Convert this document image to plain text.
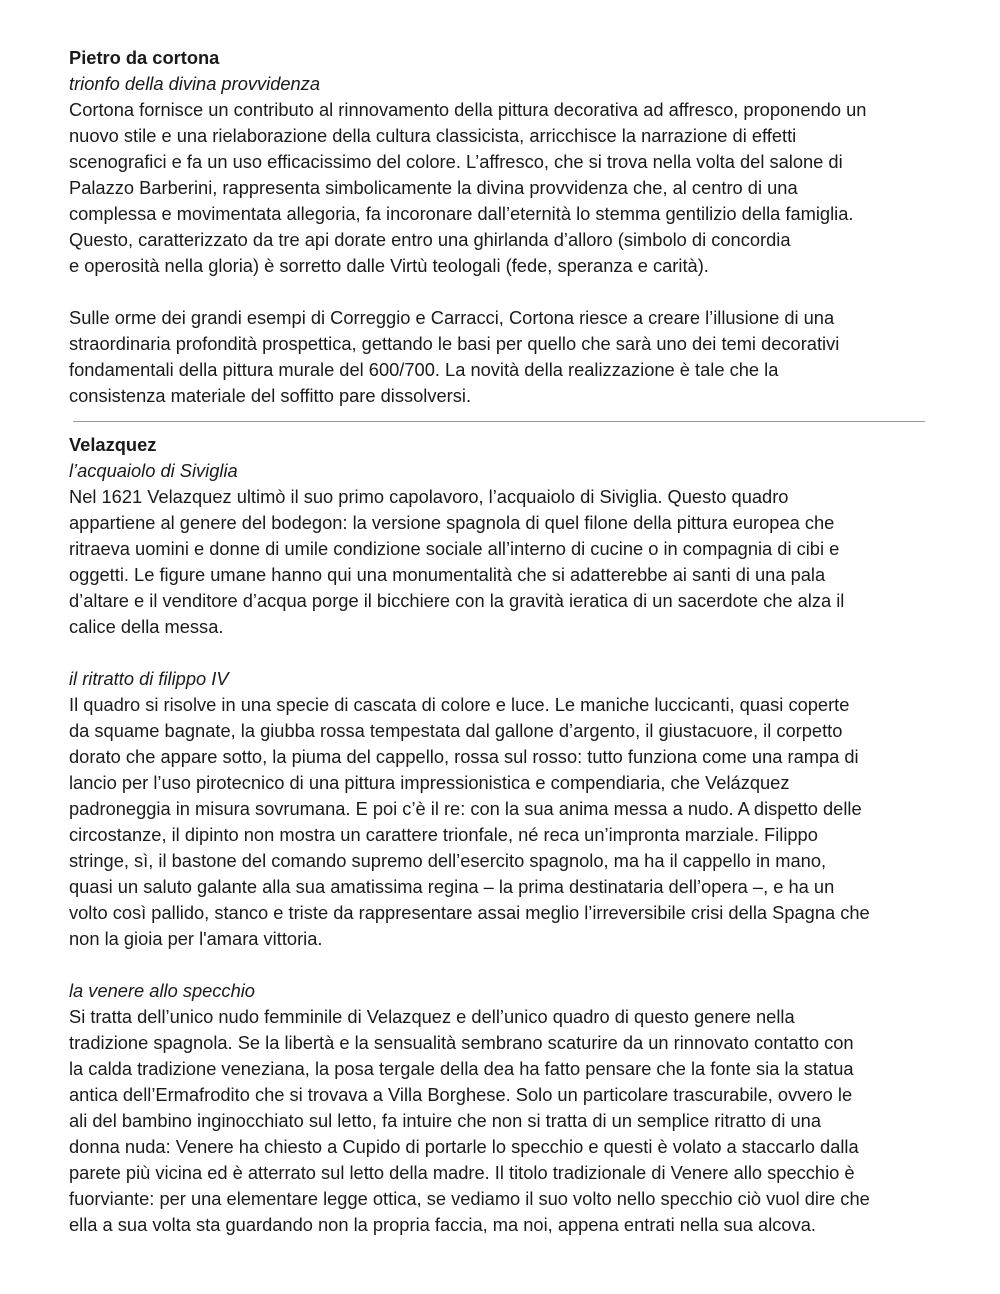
Pietro da cortona
trionfo della divina provvidenza
Cortona fornisce un contributo al rinnovamento della pittura decorativa ad affresco, proponendo un
nuovo stile e una rielaborazione della cultura classicista, arricchisce la narrazione di effetti
scenografici e fa un uso efficacissimo del colore. L’affresco, che si trova nella volta del salone di
Palazzo Barberini, rappresenta simbolicamente la divina provvidenza che, al centro di una
complessa e movimentata allegoria, fa incoronare dall’eternità lo stemma gentilizio della famiglia.
Questo, caratterizzato da tre api dorate entro una ghirlanda d’alloro (simbolo di concordia
e operosità nella gloria) è sorretto dalle Virtù teologali (fede, speranza e carità).
Sulle orme dei grandi esempi di Correggio e Carracci, Cortona riesce a creare l’illusione di una
straordinaria profondità prospettica, gettando le basi per quello che sarà uno dei temi decorativi
fondamentali della pittura murale del 600/700. La novità della realizzazione è tale che la
consistenza materiale del soffitto pare dissolversi.
Velazquez
l’acquaiolo di Siviglia
Nel 1621 Velazquez ultimò il suo primo capolavoro, l’acquaiolo di Siviglia. Questo quadro
appartiene al genere del bodegon: la versione spagnola di quel filone della pittura europea che
ritraeva uomini e donne di umile condizione sociale all’interno di cucine o in compagnia di cibi e
oggetti. Le figure umane hanno qui una monumentalità che si adatterebbe ai santi di una pala
d’altare e il venditore d’acqua porge il bicchiere con la gravità ieratica di un sacerdote che alza il
calice della messa.
il ritratto di filippo IV
Il quadro si risolve in una specie di cascata di colore e luce. Le maniche luccicanti, quasi coperte
da squame bagnate, la giubba rossa tempestata dal gallone d’argento, il giustacuore, il corpetto
dorato che appare sotto, la piuma del cappello, rossa sul rosso: tutto funziona come una rampa di
lancio per l’uso pirotecnico di una pittura impressionistica e compendiaria, che Velázquez
padroneggia in misura sovrumana. E poi c’è il re: con la sua anima messa a nudo. A dispetto delle
circostanze, il dipinto non mostra un carattere trionfale, né reca un’impronta marziale. Filippo
stringe, sì, il bastone del comando supremo dell’esercito spagnolo, ma ha il cappello in mano,
quasi un saluto galante alla sua amatissima regina – la prima destinataria dell’opera –, e ha un
volto così pallido, stanco e triste da rappresentare assai meglio l’irreversibile crisi della Spagna che
non la gioia per l'amara vittoria.
la venere allo specchio
Si tratta dell’unico nudo femminile di Velazquez e dell’unico quadro di questo genere nella
tradizione spagnola. Se la libertà e la sensualità sembrano scaturire da un rinnovato contatto con
la calda tradizione veneziana, la posa tergale della dea ha fatto pensare che la fonte sia la statua
antica dell’Ermafrodito che si trovava a Villa Borghese. Solo un particolare trascurabile, ovvero le
ali del bambino inginocchiato sul letto, fa intuire che non si tratta di un semplice ritratto di una
donna nuda: Venere ha chiesto a Cupido di portarle lo specchio e questi è volato a staccarlo dalla
parete più vicina ed è atterrato sul letto della madre. Il titolo tradizionale di Venere allo specchio è
fuorviante: per una elementare legge ottica, se vediamo il suo volto nello specchio ciò vuol dire che
ella a sua volta sta guardando non la propria faccia, ma noi, appena entrati nella sua alcova.
